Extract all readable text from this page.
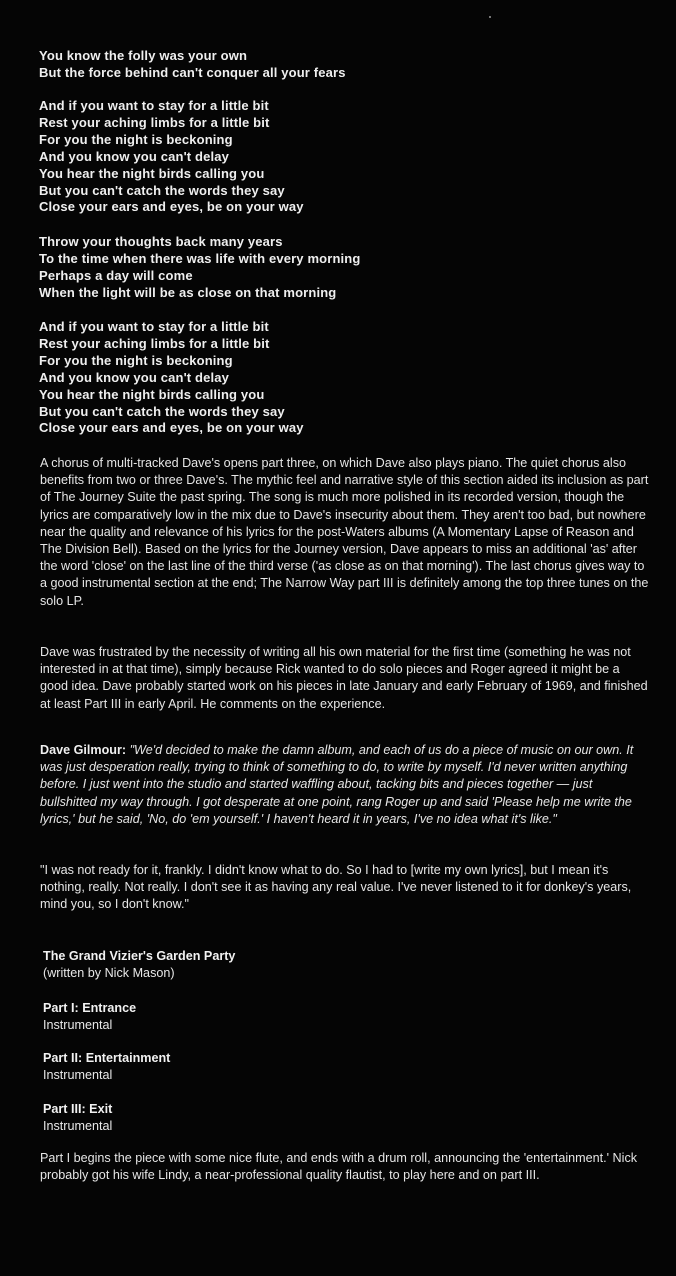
You know the folly was your own
But the force behind can't conquer all your fears
And if you want to stay for a little bit
Rest your aching limbs for a little bit
For you the night is beckoning
And you know you can't delay
You hear the night birds calling you
But you can't catch the words they say
Close your ears and eyes, be on your way
Throw your thoughts back many years
To the time when there was life with every morning
Perhaps a day will come
When the light will be as close on that morning
And if you want to stay for a little bit
Rest your aching limbs for a little bit
For you the night is beckoning
And you know you can't delay
You hear the night birds calling you
But you can't catch the words they say
Close your ears and eyes, be on your way

A chorus of multi-tracked Dave's opens part three, on which Dave also plays piano. The quiet chorus also benefits from two or three Dave's. The mythic feel and narrative style of this section aided its inclusion as part of The Journey Suite the past spring. The song is much more polished in its recorded version, though the lyrics are comparatively low in the mix due to Dave's insecurity about them. They aren't too bad, but nowhere near the quality and relevance of his lyrics for the post-Waters albums (A Momentary Lapse of Reason and The Division Bell). Based on the lyrics for the Journey version, Dave appears to miss an additional 'as' after the word 'close' on the last line of the third verse ('as close as on that morning'). The last chorus gives way to a good instrumental section at the end; The Narrow Way part III is definitely among the top three tunes on the solo LP.

Dave was frustrated by the necessity of writing all his own material for the first time (something he was not interested in at that time), simply because Rick wanted to do solo pieces and Roger agreed it might be a good idea. Dave probably started work on his pieces in late January and early February of 1969, and finished at least Part III in early April. He comments on the experience.

Dave Gilmour: "We'd decided to make the damn album, and each of us do a piece of music on our own. It was just desperation really, trying to think of something to do, to write by myself. I'd never written anything before. I just went into the studio and started waffling about, tacking bits and pieces together — just bullshitted my way through. I got desperate at one point, rang Roger up and said 'Please help me write the lyrics,' but he said, 'No, do 'em yourself.' I haven't heard it in years, I've no idea what it's like."

"I was not ready for it, frankly. I didn't know what to do. So I had to [write my own lyrics], but I mean it's nothing, really. Not really. I don't see it as having any real value. I've never listened to it for donkey's years, mind you, so I don't know."

The Grand Vizier's Garden Party
(written by Nick Mason)
Part I: Entrance
Instrumental
Part II: Entertainment
Instrumental
Part III: Exit
Instrumental

Part I begins the piece with some nice flute, and ends with a drum roll, announcing the 'entertainment.' Nick probably got his wife Lindy, a near-professional quality flautist, to play here and on part III.
